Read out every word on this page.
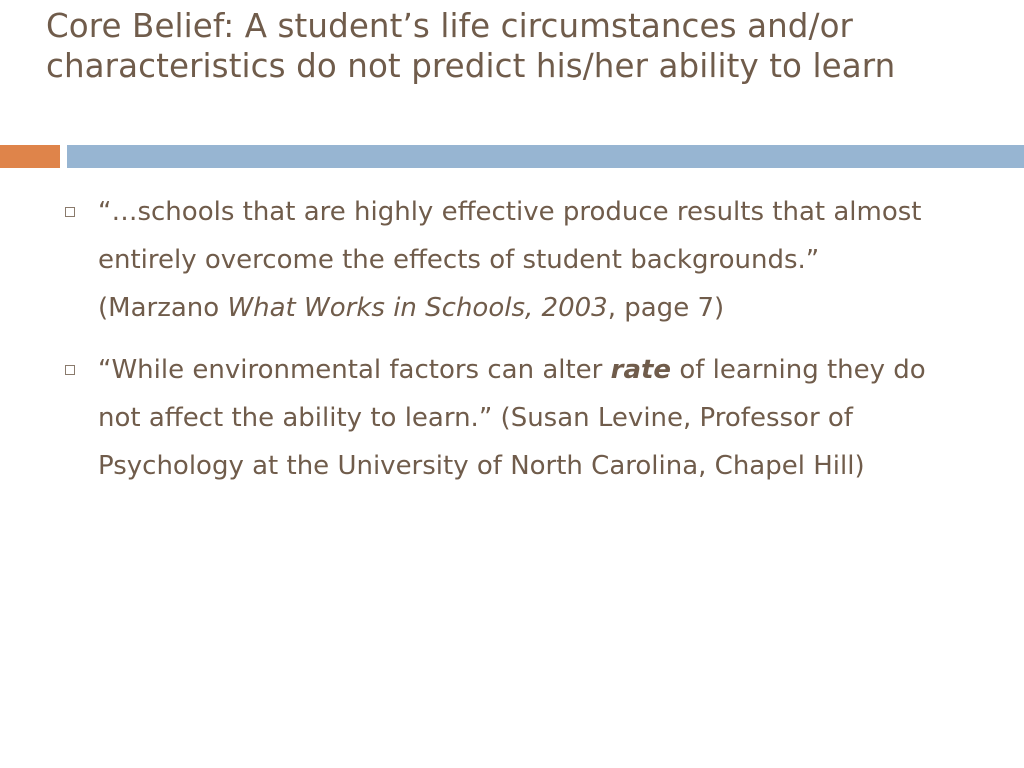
Core Belief: A student’s life circumstances and/or characteristics do not predict his/her ability to learn
“…schools that are highly effective produce results that almost entirely overcome the effects of student backgrounds.” (Marzano What Works in Schools, 2003, page 7)
“While environmental factors can alter rate of learning they do not affect the ability to learn.” (Susan Levine, Professor of Psychology at the University of North Carolina, Chapel Hill)
